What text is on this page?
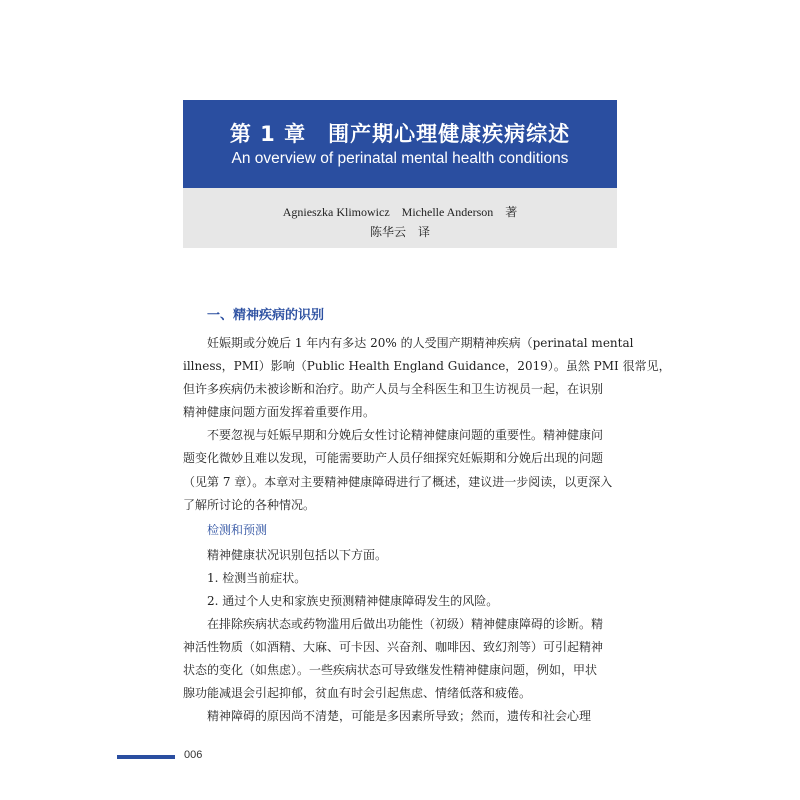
第 1 章　围产期心理健康疾病综述
An overview of perinatal mental health conditions
Agnieszka Klimowicz　Michelle Anderson　著
陈华云　译
一、精神疾病的识别
妊娠期或分娩后 1 年内有多达 20% 的人受围产期精神疾病（perinatal mental
illness，PMI）影响（Public Health England Guidance，2019）。虽然 PMI 很常见，
但许多疾病仍未被诊断和治疗。助产人员与全科医生和卫生访视员一起，在识别
精神健康问题方面发挥着重要作用。
不要忽视与妊娠早期和分娩后女性讨论精神健康问题的重要性。精神健康问
题变化微妙且难以发现，可能需要助产人员仔细探究妊娠期和分娩后出现的问题
（见第 7 章）。本章对主要精神健康障碍进行了概述，建议进一步阅读，以更深入
了解所讨论的各种情况。
检测和预测
精神健康状况识别包括以下方面。
1. 检测当前症状。
2. 通过个人史和家族史预测精神健康障碍发生的风险。
在排除疾病状态或药物滥用后做出功能性（初级）精神健康障碍的诊断。精
神活性物质（如酒精、大麻、可卡因、兴奋剂、咖啡因、致幻剂等）可引起精神
状态的变化（如焦虑）。一些疾病状态可导致继发性精神健康问题，例如，甲状
腺功能减退会引起抑郁，贫血有时会引起焦虑、情绪低落和疲倦。
精神障碍的原因尚不清楚，可能是多因素所导致；然而，遗传和社会心理
006
